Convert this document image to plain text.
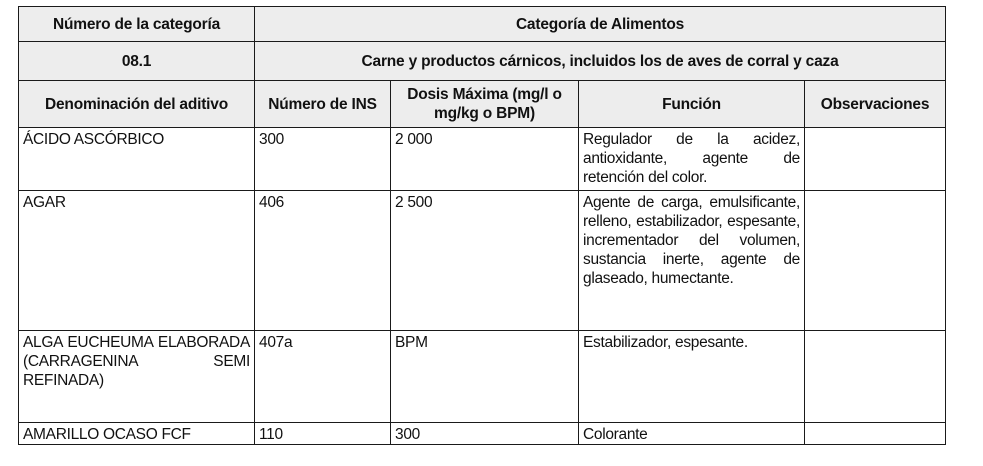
Número de la categoría	Categoría de Alimentos			
08.1	Carne y productos cárnicos, incluidos los de aves de corral y caza			
Denominación del aditivo	Número de INS	Dosis Máxima (mg/l o mg/kg o BPM)	Función	Observaciones
ÁCIDO ASCÓRBICO	300	2 000	Regulador de la acidez, antioxidante, agente de retención del color.	
AGAR	406	2 500	Agente de carga, emulsificante, relleno, estabilizador, espesante, incrementador del volumen, sustancia inerte, agente de glaseado, humectante.	
ALGA EUCHEUMA ELABORADA (CARRAGENINA SEMI REFINADA)	407a	BPM	Estabilizador, espesante.	
AMARILLO OCASO FCF	110	300	Colorante	
